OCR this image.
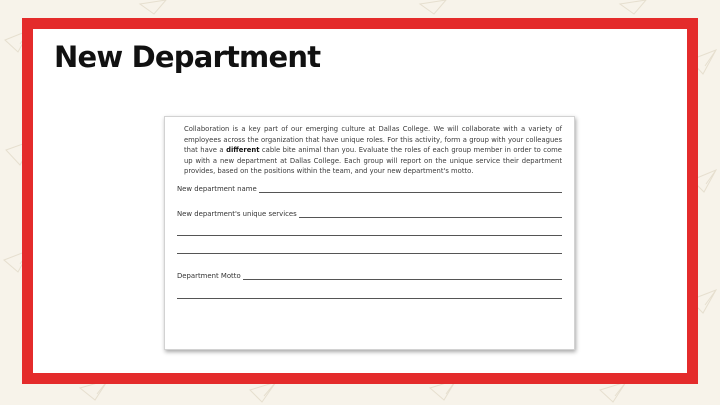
New Department

Collaboration is a key part of our emerging culture at Dallas College. We will collaborate with a variety of employees across the organization that have unique roles. For this activity, form a group with your colleagues that have a different cable bite animal than you. Evaluate the roles of each group member in order to come up with a new department at Dallas College. Each group will report on the unique service their department provides, based on the positions within the team, and your new department's motto.

New department name
New department's unique services
Department Motto
